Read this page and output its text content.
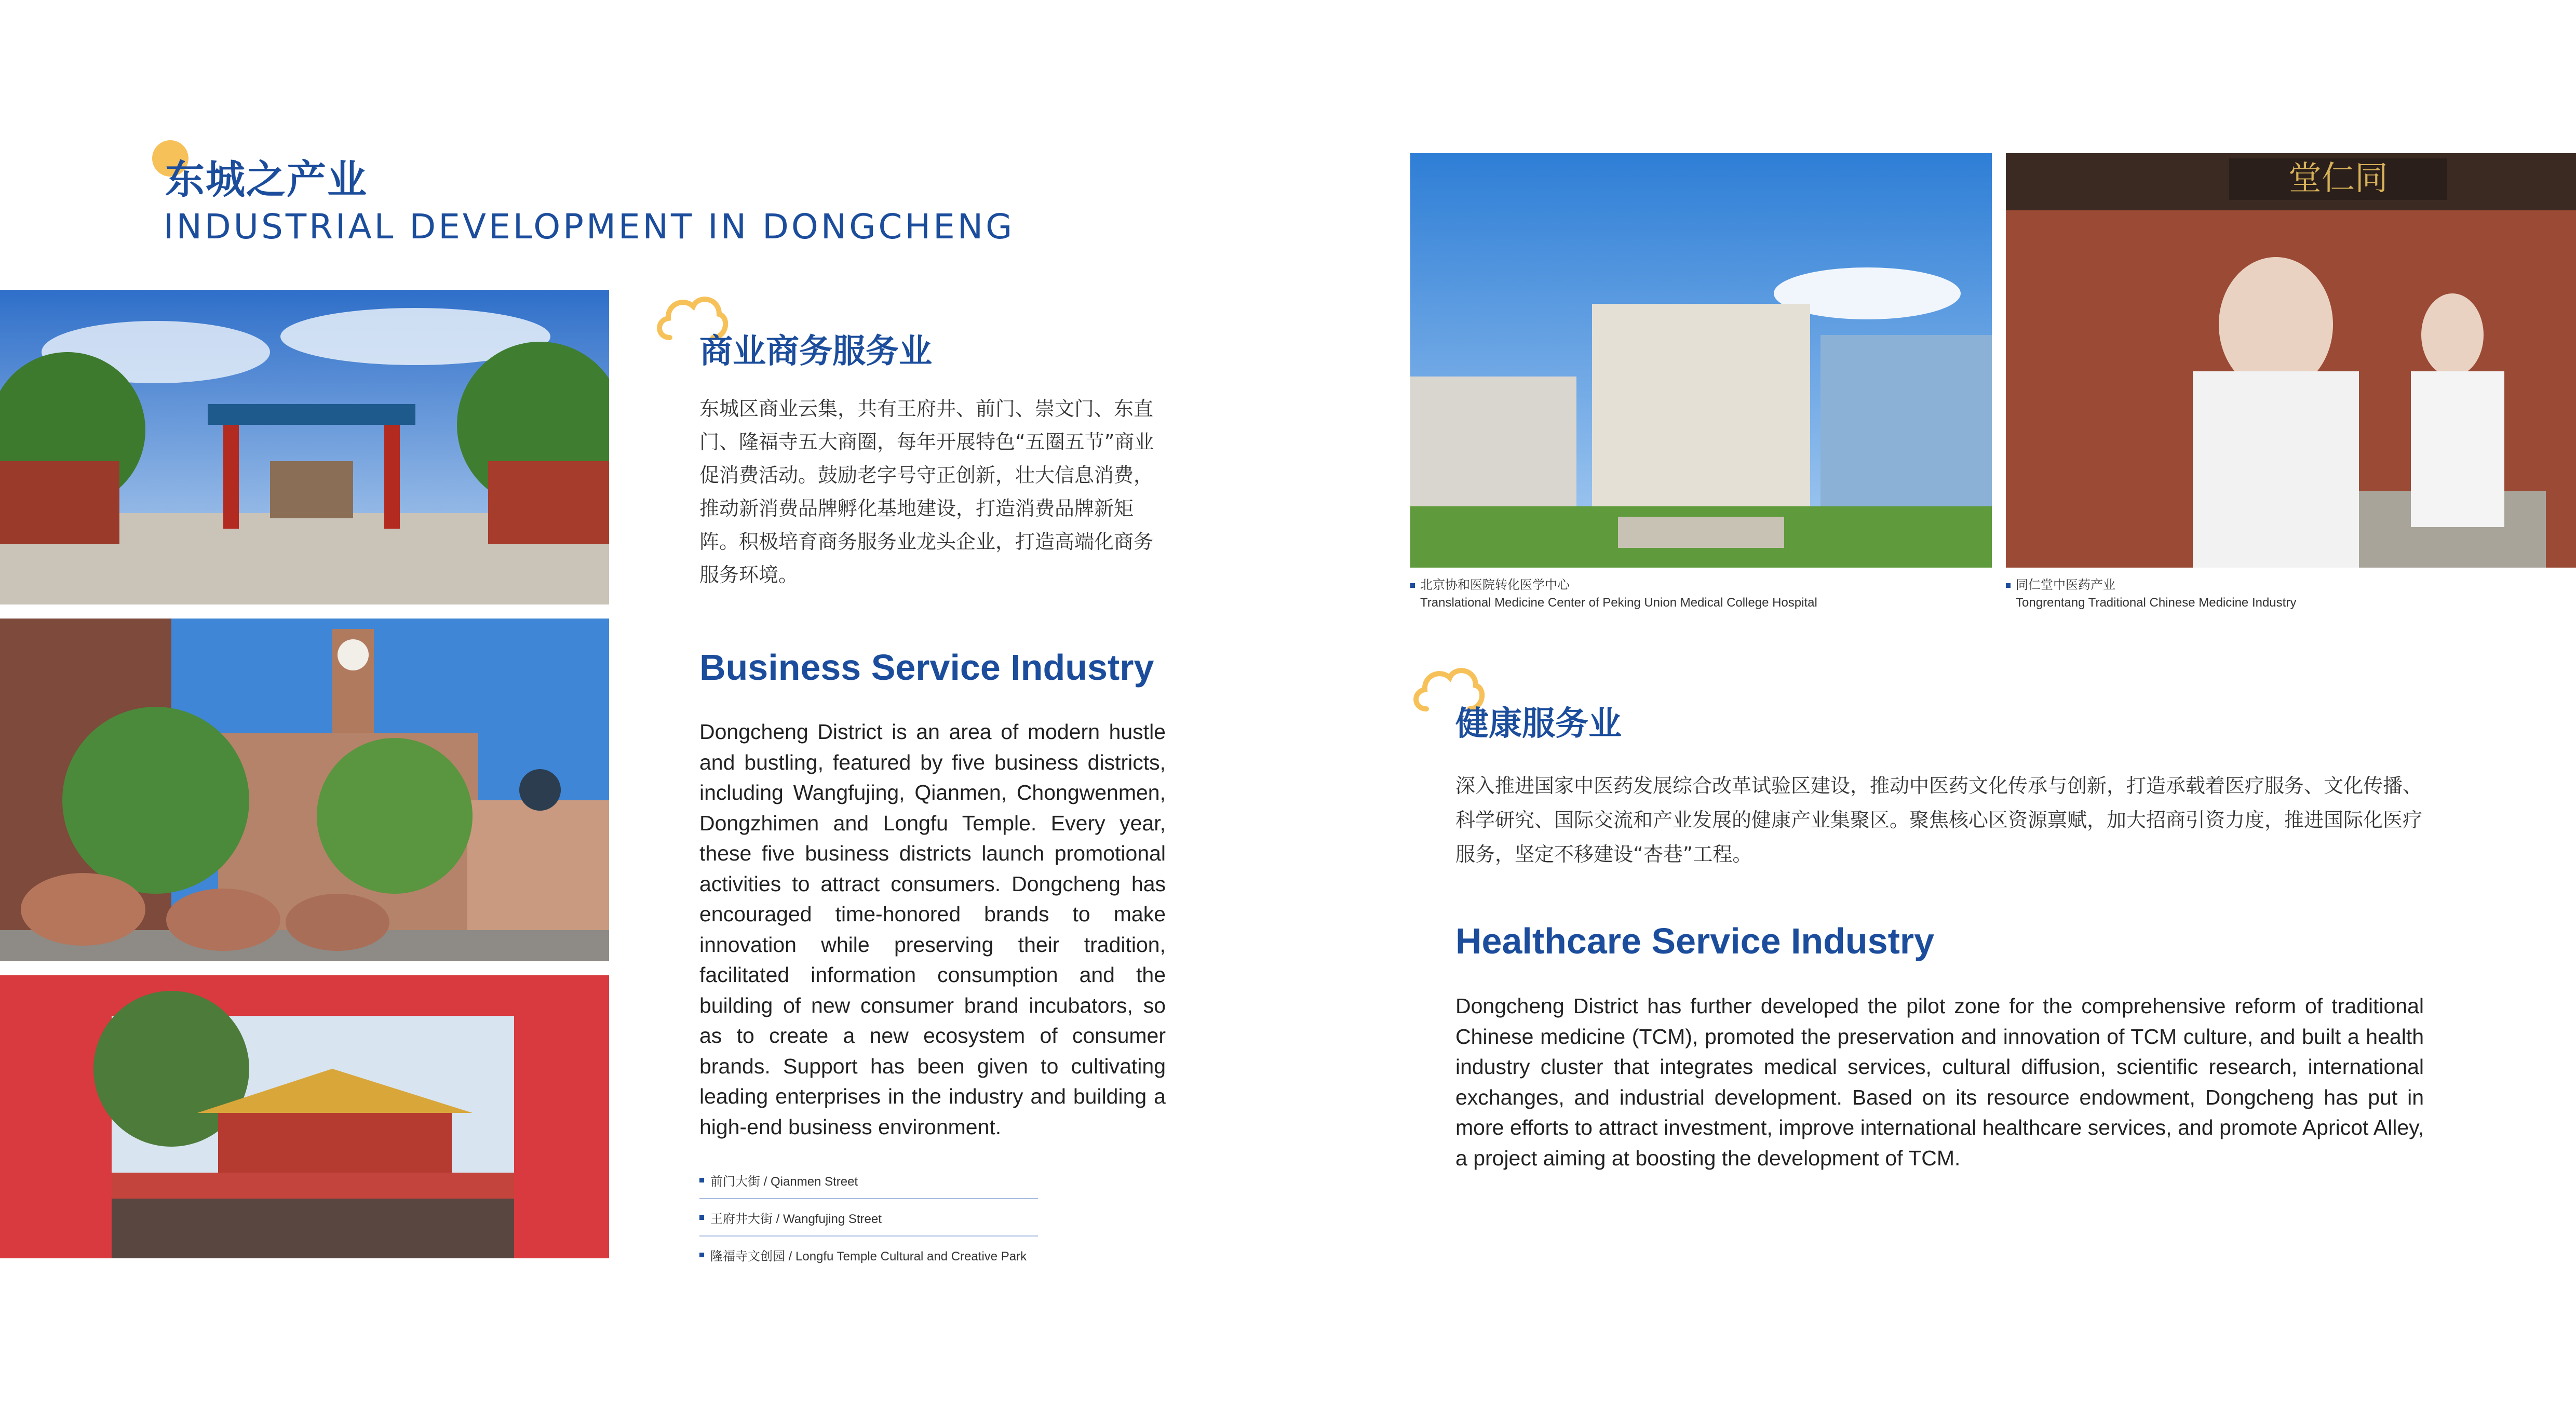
东城之产业
INDUSTRIAL DEVELOPMENT IN DONGCHENG
商业商务服务业
东城区商业云集，共有王府井、前门、崇文门、东直门、隆福寺五大商圈，每年开展特色“五圈五节”商业促消费活动。鼓励老字号守正创新，壮大信息消费，推动新消费品牌孵化基地建设，打造消费品牌新矩阵。积极培育商务服务业龙头企业，打造高端化商务服务环境。
Business Service Industry
Dongcheng District is an area of modern hustle and bustling, featured by five business districts, including Wangfujing, Qianmen, Chongwenmen, Dongzhimen and Longfu Temple. Every year, these five business districts launch promotional activities to attract consumers. Dongcheng has encouraged time-honored brands to make innovation while preserving their tradition, facilitated information consumption and the building of new consumer brand incubators, so as to create a new ecosystem of consumer brands. Support has been given to cultivating leading enterprises in the industry and building a high-end business environment.
前门大街 / Qianmen Street
王府井大街 / Wangfujing Street
隆福寺文创园 / Longfu Temple Cultural and Creative Park
堂仁同
北京协和医院转化医学中心
Translational Medicine Center of Peking Union Medical College Hospital
同仁堂中医药产业
Tongrentang Traditional Chinese Medicine Industry
健康服务业
深入推进国家中医药发展综合改革试验区建设，推动中医药文化传承与创新，打造承载着医疗服务、文化传播、科学研究、国际交流和产业发展的健康产业集聚区。聚焦核心区资源禀赋，加大招商引资力度，推进国际化医疗服务，坚定不移建设“杏巷”工程。
Healthcare Service Industry
Dongcheng District has further developed the pilot zone for the comprehensive reform of traditional Chinese medicine (TCM), promoted the preservation and innovation of TCM culture, and built a health industry cluster that integrates medical services, cultural diffusion, scientific research, international exchanges, and industrial development. Based on its resource endowment, Dongcheng has put in more efforts to attract investment, improve international healthcare services, and promote Apricot Alley, a project aiming at boosting the development of TCM.
